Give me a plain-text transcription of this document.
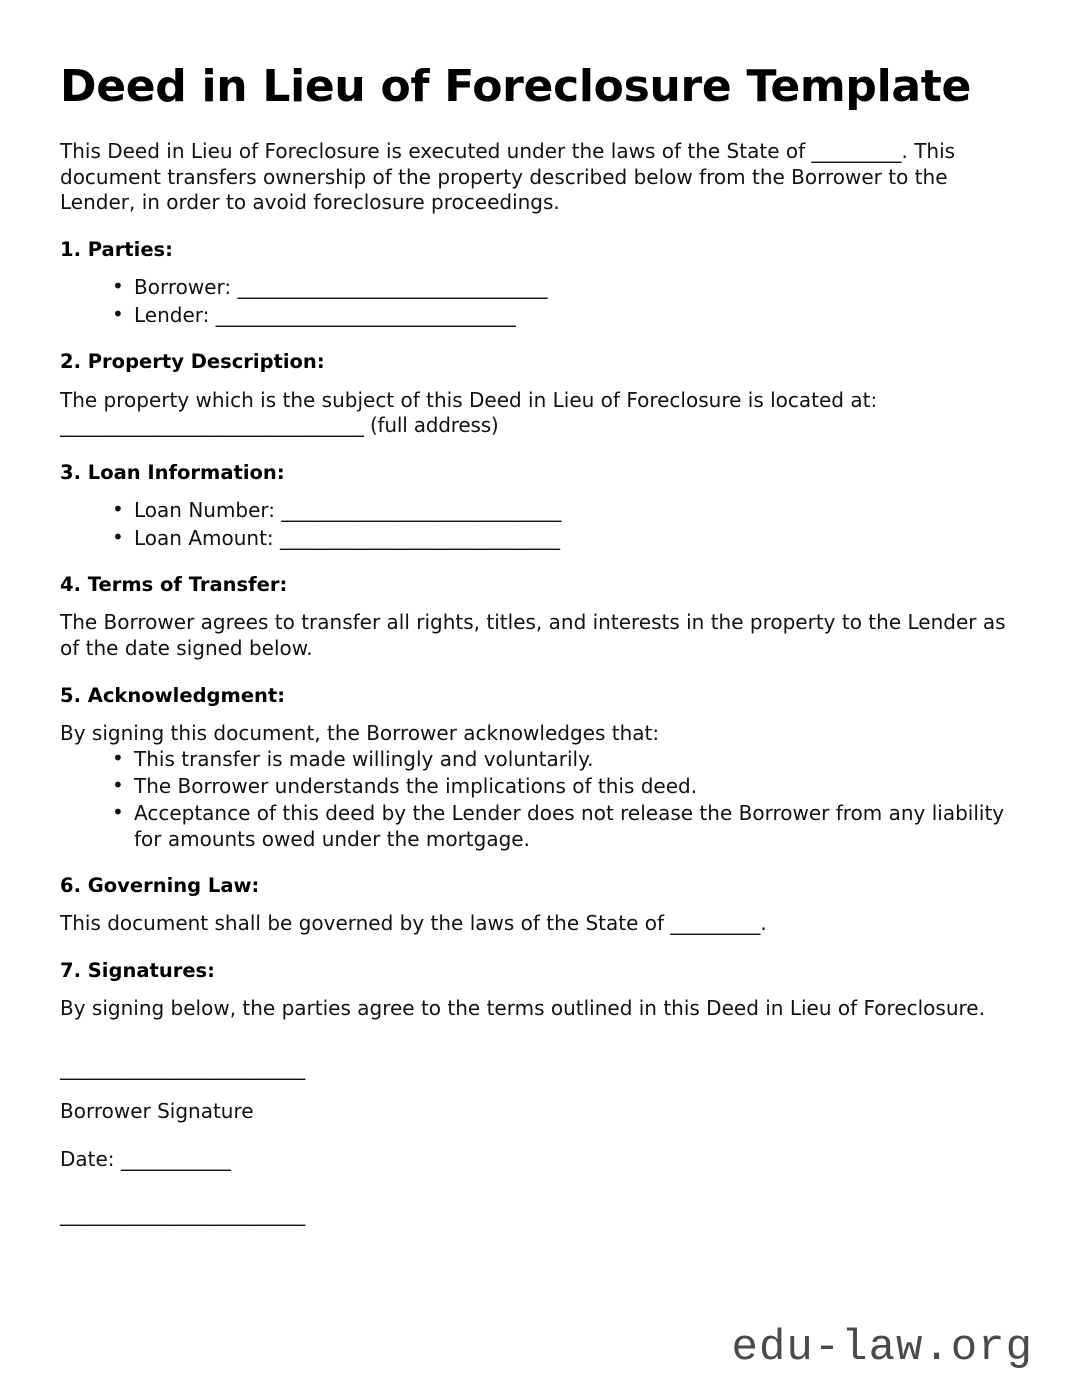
Deed in Lieu of Foreclosure Template

This Deed in Lieu of Foreclosure is executed under the laws of the State of _________. This document transfers ownership of the property described below from the Borrower to the Lender, in order to avoid foreclosure proceedings.

1. Parties:
• Borrower: _______________________________
• Lender: ______________________________
2. Property Description:

The property which is the subject of this Deed in Lieu of Foreclosure is located at:

_______________________________ (full address)

3. Loan Information:
• Loan Number: ____________________________
• Loan Amount: ____________________________
4. Terms of Transfer:

The Borrower agrees to transfer all rights, titles, and interests in the property to the Lender as of the date signed below.

5. Acknowledgment:

By signing this document, the Borrower acknowledges that:

• This transfer is made willingly and voluntarily.
• The Borrower understands the implications of this deed.
• Acceptance of this deed by the Lender does not release the Borrower from any liability for amounts owed under the mortgage.
6. Governing Law:

This document shall be governed by the laws of the State of _________.

7. Signatures:

By signing below, the parties agree to the terms outlined in this Deed in Lieu of Foreclosure.

_________________________
Borrower Signature
Date: ___________
_________________________
edu-law.org
